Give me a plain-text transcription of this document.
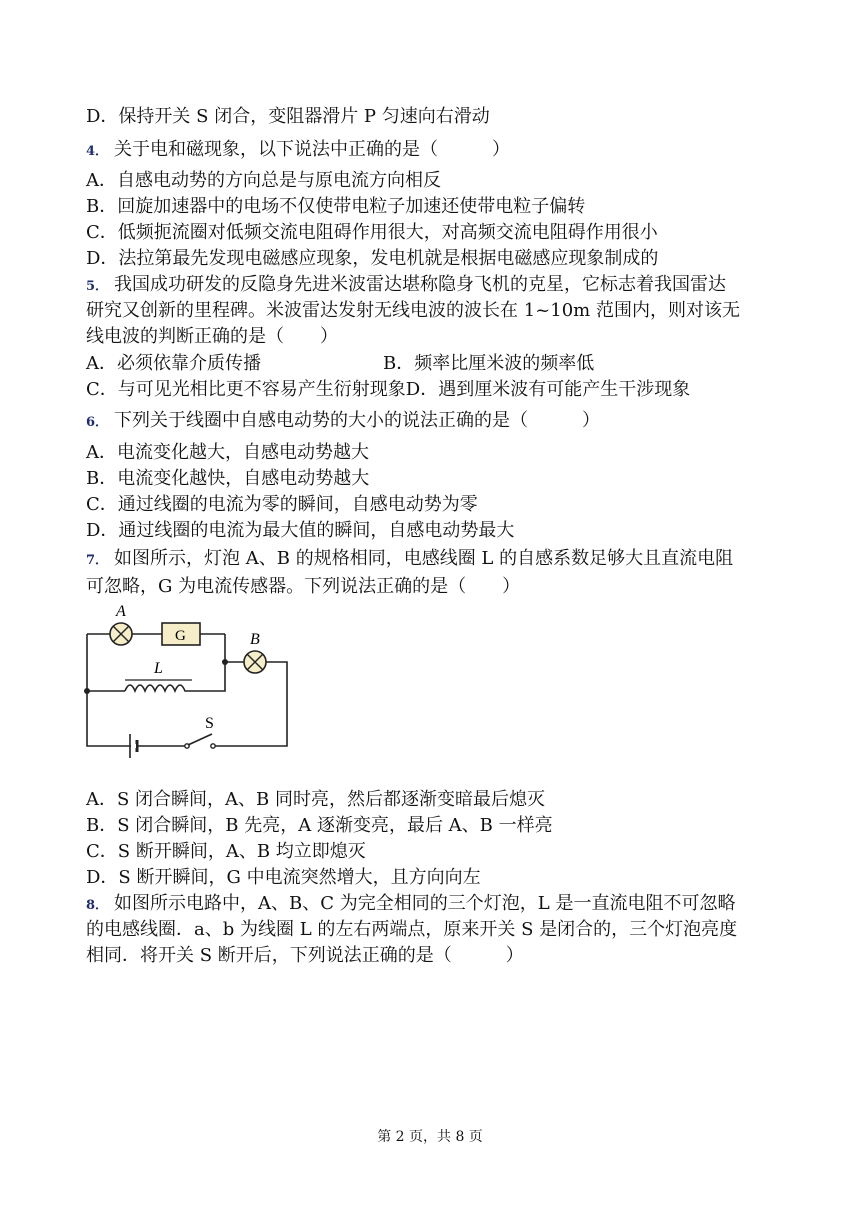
D．保持开关 S 闭合，变阻器滑片 P 匀速向右滑动
4． 关于电和磁现象，以下说法中正确的是（　　　）
A．自感电动势的方向总是与原电流方向相反
B．回旋加速器中的电场不仅使带电粒子加速还使带电粒子偏转
C．低频扼流圈对低频交流电阻碍作用很大，对高频交流电阻碍作用很小
D．法拉第最先发现电磁感应现象，发电机就是根据电磁感应现象制成的
5． 我国成功研发的反隐身先进米波雷达堪称隐身飞机的克星，它标志着我国雷达
研究又创新的里程碑。米波雷达发射无线电波的波长在 1~10m 范围内，则对该无
线电波的判断正确的是（　　）
A．必须依靠介质传播	B．频率比厘米波的频率低
C．与可见光相比更不容易产生衍射现象D．遇到厘米波有可能产生干涉现象
6． 下列关于线圈中自感电动势的大小的说法正确的是（　　　）
A．电流变化越大，自感电动势越大
B．电流变化越快，自感电动势越大
C．通过线圈的电流为零的瞬间，自感电动势为零
D．通过线圈的电流为最大值的瞬间，自感电动势最大
7． 如图所示，灯泡 A、B 的规格相同，电感线圈 L 的自感系数足够大且直流电阻
可忽略，G 为电流传感器。下列说法正确的是（　　）
A
G	B
L
S
A．S 闭合瞬间，A、B 同时亮，然后都逐渐变暗最后熄灭
B．S 闭合瞬间，B 先亮，A 逐渐变亮，最后 A、B 一样亮
C．S 断开瞬间，A、B 均立即熄灭
D．S 断开瞬间，G 中电流突然增大，且方向向左
8． 如图所示电路中，A、B、C 为完全相同的三个灯泡，L 是一直流电阻不可忽略
的电感线圈．a、b 为线圈 L 的左右两端点，原来开关 S 是闭合的，三个灯泡亮度
相同．将开关 S 断开后，下列说法正确的是（　　　）
第 2 页，共 8 页
